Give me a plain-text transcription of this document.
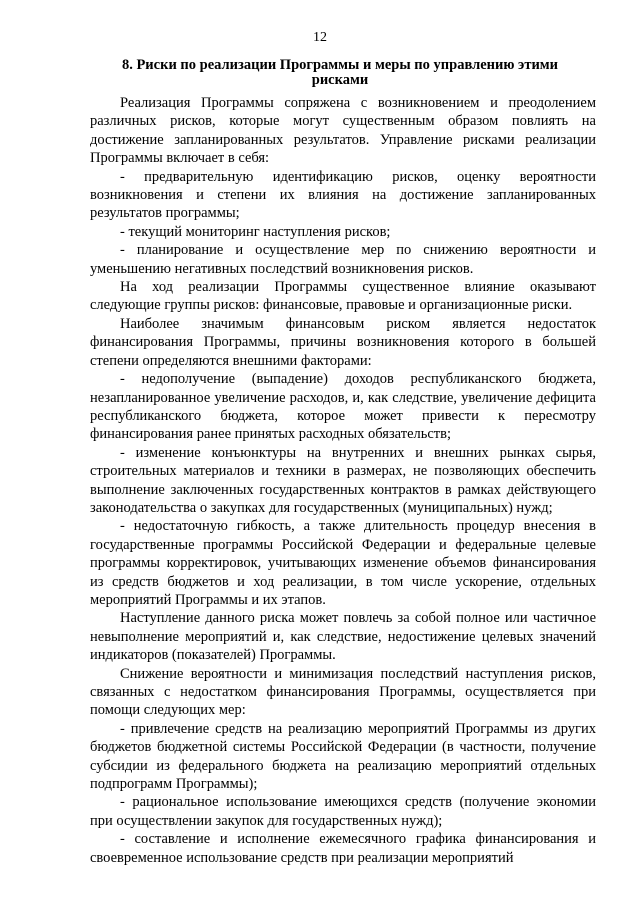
12
8. Риски по реализации Программы и меры по управлению этими рисками

Реализация Программы сопряжена с возникновением и преодолением различных рисков, которые могут существенным образом повлиять на достижение запланированных результатов. Управление рисками реализации Программы включает в себя:

- предварительную идентификацию рисков, оценку вероятности возникновения и степени их влияния на достижение запланированных результатов программы;

- текущий мониторинг наступления рисков;

- планирование и осуществление мер по снижению вероятности и уменьшению негативных последствий возникновения рисков.

На ход реализации Программы существенное влияние оказывают следующие группы рисков: финансовые, правовые и организационные риски.

Наиболее значимым финансовым риском является недостаток финансирования Программы, причины возникновения которого в большей степени определяются внешними факторами:

- недополучение (выпадение) доходов республиканского бюджета, незапланированное увеличение расходов, и, как следствие, увеличение дефицита республиканского бюджета, которое может привести к пересмотру финансирования ранее принятых расходных обязательств;

- изменение конъюнктуры на внутренних и внешних рынках сырья, строительных материалов и техники в размерах, не позволяющих обеспечить выполнение заключенных государственных контрактов в рамках действующего законодательства о закупках для государственных (муниципальных) нужд;

- недостаточную гибкость, а также длительность процедур внесения в государственные программы Российской Федерации и федеральные целевые программы корректировок, учитывающих изменение объемов финансирования из средств бюджетов и ход реализации, в том числе ускорение, отдельных мероприятий Программы и их этапов.

Наступление данного риска может повлечь за собой полное или частичное невыполнение мероприятий и, как следствие, недостижение целевых значений индикаторов (показателей) Программы.

Снижение вероятности и минимизация последствий наступления рисков, связанных с недостатком финансирования Программы, осуществляется при помощи следующих мер:

- привлечение средств на реализацию мероприятий Программы из других бюджетов бюджетной системы Российской Федерации (в частности, получение субсидии из федерального бюджета на реализацию мероприятий отдельных подпрограмм Программы);

- рациональное использование имеющихся средств (получение экономии при осуществлении закупок для государственных нужд);

- составление и исполнение ежемесячного графика финансирования и своевременное использование средств при реализации мероприятий
